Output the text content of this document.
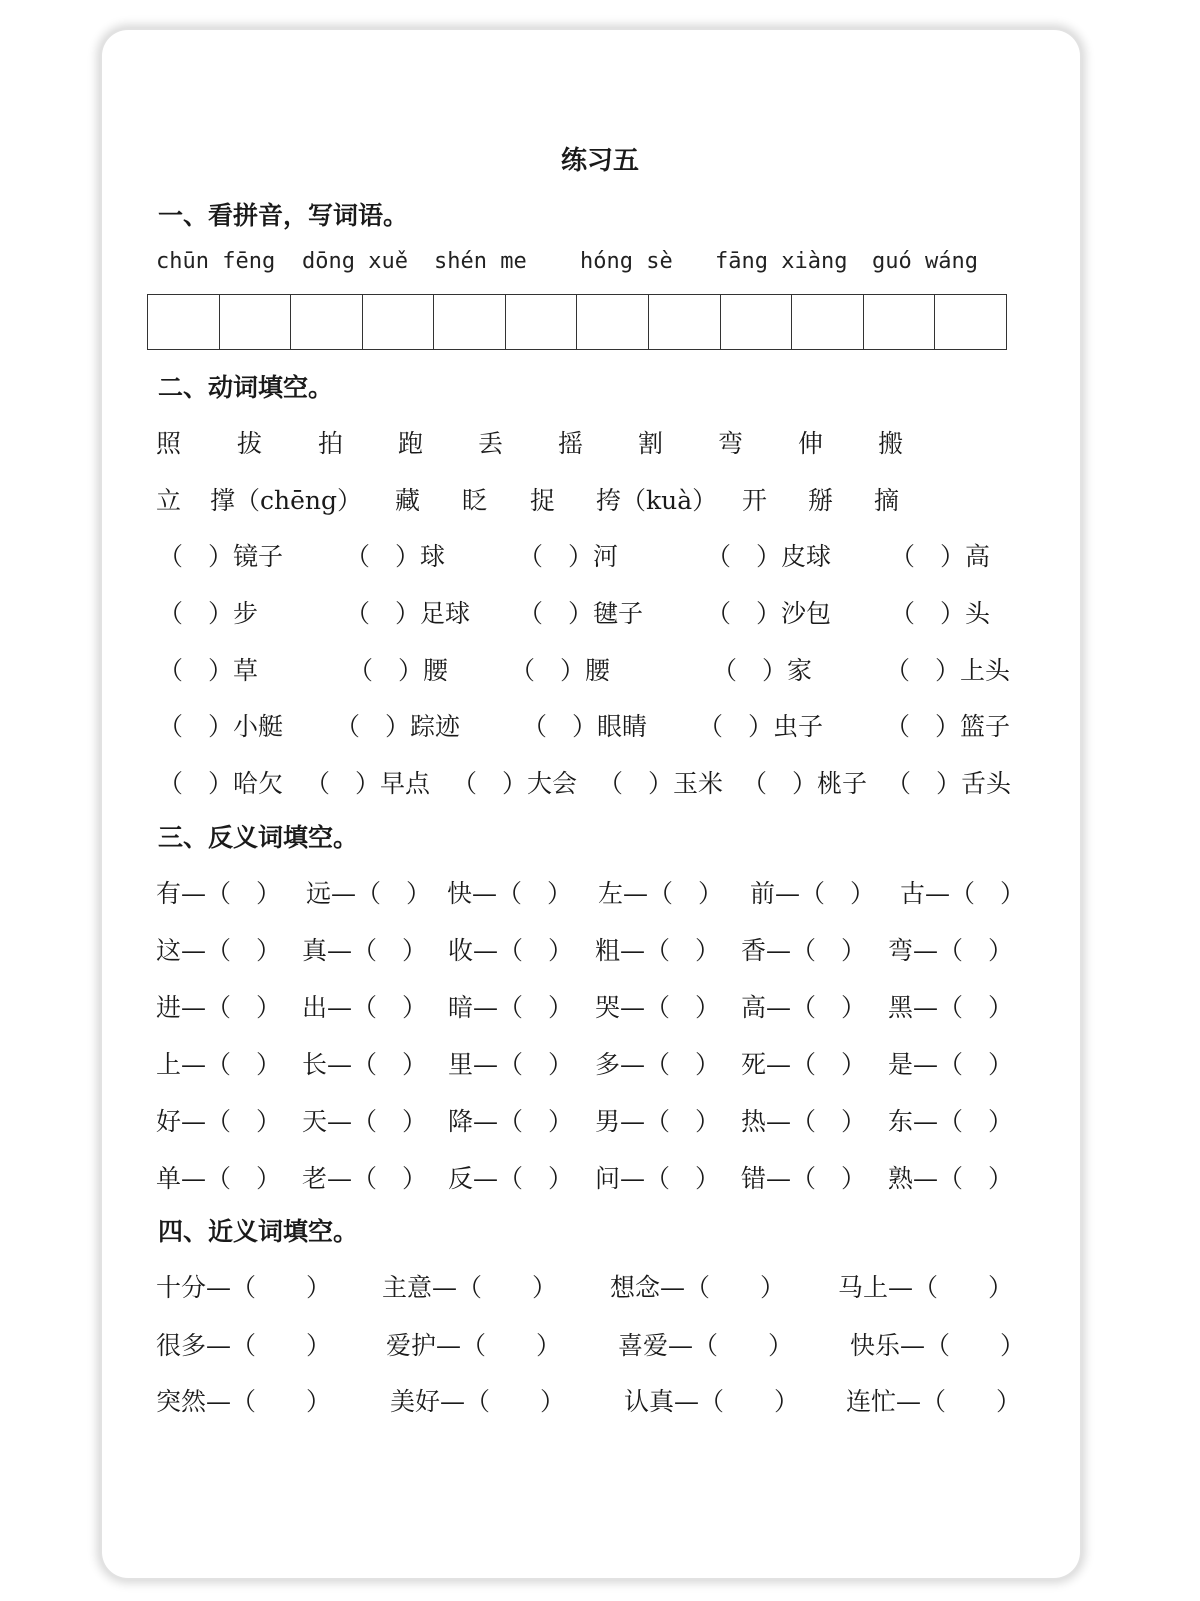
练习五
一、看拼音，写词语。
chūn fēng dōng xuě shén me hóng sè fāng xiàng guó wáng
二、动词填空。
照 拔 拍 跑 丢 摇 割 弯 伸 搬
立 撑（chēng） 藏 眨 捉 挎（kuà） 开 掰 摘
（　）镜子 （　）球	（　）河	（　）皮球 （　）高
（　）步	（　）足球 （　）毽子	（　）沙包 （　）头
（　）草	（　）腰 （　）腰	（　）家	（　）上头
（　）小艇 （　）踪迹 （　）眼睛 （　）虫子 （　）篮子
（　）哈欠 （　）早点 （　）大会 （　）玉米 （　）桃子 （　）舌头
三、反义词填空。
有—（　） 远—（　） 快—（　） 左—（　） 前—（　） 古—（　）
这—（　） 真—（　） 收—（　） 粗—（　） 香—（　） 弯—（　）
进—（　） 出—（　） 暗—（　） 哭—（　） 高—（　） 黑—（　）
上—（　） 长—（　） 里—（　） 多—（　） 死—（　） 是—（　）
好—（　） 天—（　） 降—（　） 男—（　） 热—（　） 东—（　）
单—（　） 老—（　） 反—（　） 问—（　） 错—（　） 熟—（　）
四、近义词填空。
十分—（　　） 主意—（　　） 想念—（　　） 马上—（　　）
很多—（　　） 爱护—（　　） 喜爱—（　　） 快乐—（　　）
突然—（　　） 美好—（　　） 认真—（　　） 连忙—（　　）
